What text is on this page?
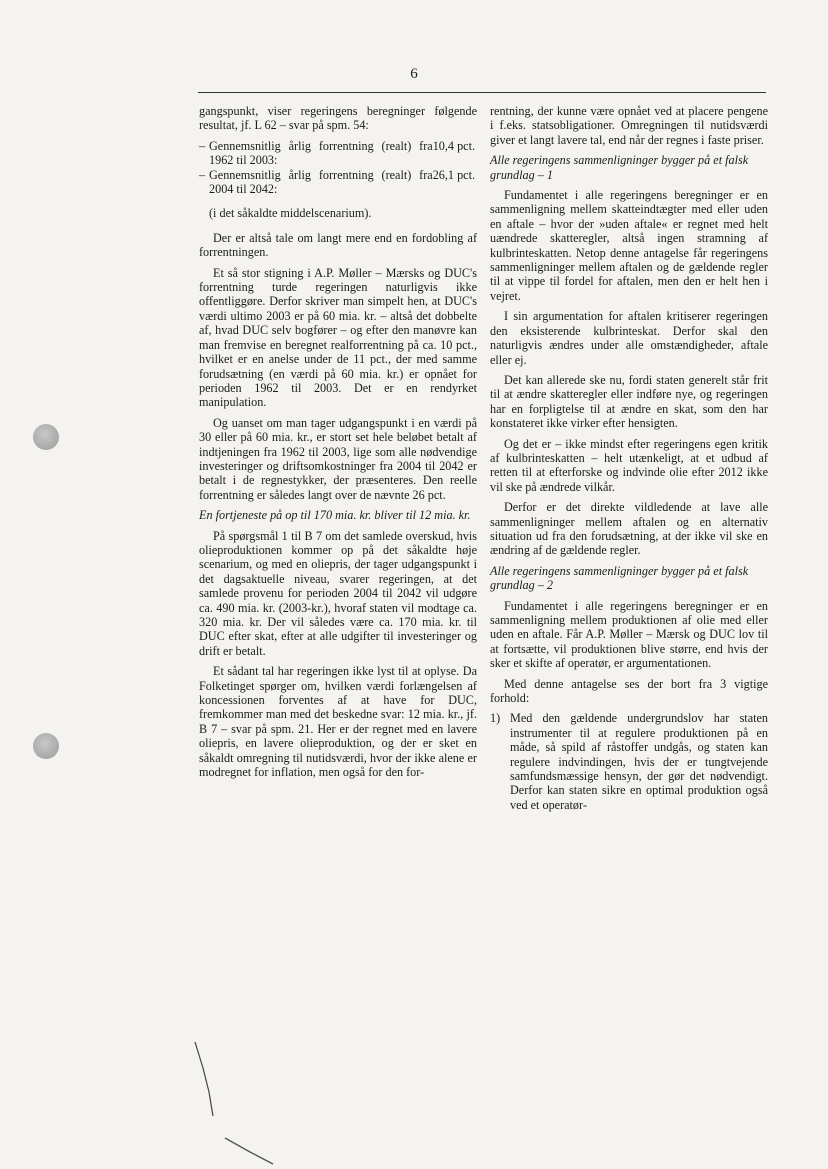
6

gangspunkt, viser regeringens beregninger følgende resultat, jf. L 62 – svar på spm. 54:

– Gennemsnitlig årlig forrentning (realt) fra 1962 til 2003:
10,4 pct.
– Gennemsnitlig årlig forrentning (realt) fra 2004 til 2042:
26,1 pct.
(i det såkaldte middelscenarium).

Der er altså tale om langt mere end en fordobling af forrentningen.

Et så stor stigning i A.P. Møller – Mærsks og DUC's forrentning turde regeringen naturligvis ikke offentliggøre. Derfor skriver man simpelt hen, at DUC's værdi ultimo 2003 er på 60 mia. kr. – altså det dobbelte af, hvad DUC selv bogfører – og efter den manøvre kan man fremvise en beregnet realforrentning på ca. 10 pct., hvilket er en anelse under de 11 pct., der med samme forudsætning (en værdi på 60 mia. kr.) er opnået for perioden 1962 til 2003. Det er en rendyrket manipulation.

Og uanset om man tager udgangspunkt i en værdi på 30 eller på 60 mia. kr., er stort set hele beløbet betalt af indtjeningen fra 1962 til 2003, lige som alle nødvendige investeringer og driftsomkostninger fra 2004 til 2042 er betalt i de regnestykker, der præsenteres. Den reelle forrentning er således langt over de nævnte 26 pct.

En fortjeneste på op til 170 mia. kr. bliver til 12 mia. kr.

På spørgsmål 1 til B 7 om det samlede overskud, hvis olieproduktionen kommer op på det såkaldte høje scenarium, og med en oliepris, der tager udgangspunkt i det dagsaktuelle niveau, svarer regeringen, at det samlede provenu for perioden 2004 til 2042 vil udgøre ca. 490 mia. kr. (2003-kr.), hvoraf staten vil modtage ca. 320 mia. kr. Der vil således være ca. 170 mia. kr. til DUC efter skat, efter at alle udgifter til investeringer og drift er betalt.

Et sådant tal har regeringen ikke lyst til at oplyse. Da Folketinget spørger om, hvilken værdi forlængelsen af koncessionen forventes af at have for DUC, fremkommer man med det beskedne svar: 12 mia. kr., jf. B 7 – svar på spm. 21. Her er der regnet med en lavere oliepris, en lavere olieproduktion, og der er sket en såkaldt omregning til nutidsværdi, hvor der ikke alene er modregnet for inflation, men også for den for-

rentning, der kunne være opnået ved at placere pengene i f.eks. statsobligationer. Omregningen til nutidsværdi giver et langt lavere tal, end når der regnes i faste priser.

Alle regeringens sammenligninger bygger på et falsk grundlag – 1

Fundamentet i alle regeringens beregninger er en sammenligning mellem skatteindtægter med eller uden en aftale – hvor der »uden aftale« er regnet med helt uændrede skatteregler, altså ingen stramning af kulbrinteskatten. Netop denne antagelse får regeringens sammenligninger mellem aftalen og de gældende regler til at vippe til fordel for aftalen, men den er helt hen i vejret.

I sin argumentation for aftalen kritiserer regeringen den eksisterende kulbrinteskat. Derfor skal den naturligvis ændres under alle omstændigheder, aftale eller ej.

Det kan allerede ske nu, fordi staten generelt står frit til at ændre skatteregler eller indføre nye, og regeringen har en forpligtelse til at ændre en skat, som den har konstateret ikke virker efter hensigten.

Og det er – ikke mindst efter regeringens egen kritik af kulbrinteskatten – helt utænkeligt, at et udbud af retten til at efterforske og indvinde olie efter 2012 ikke vil ske på ændrede vilkår.

Derfor er det direkte vildledende at lave alle sammenligninger mellem aftalen og en alternativ situation ud fra den forudsætning, at der ikke vil ske en ændring af de gældende regler.

Alle regeringens sammenligninger bygger på et falsk grundlag – 2

Fundamentet i alle regeringens beregninger er en sammenligning mellem produktionen af olie med eller uden en aftale. Får A.P. Møller – Mærsk og DUC lov til at fortsætte, vil produktionen blive større, end hvis der sker et skifte af operatør, er argumentationen.

Med denne antagelse ses der bort fra 3 vigtige forhold:

1) Med den gældende undergrundslov har staten instrumenter til at regulere produktionen på en måde, så spild af råstoffer undgås, og staten kan regulere indvindingen, hvis der er tungtvejende samfundsmæssige hensyn, der gør det nødvendigt. Derfor kan staten sikre en optimal produktion også ved et operatør-
